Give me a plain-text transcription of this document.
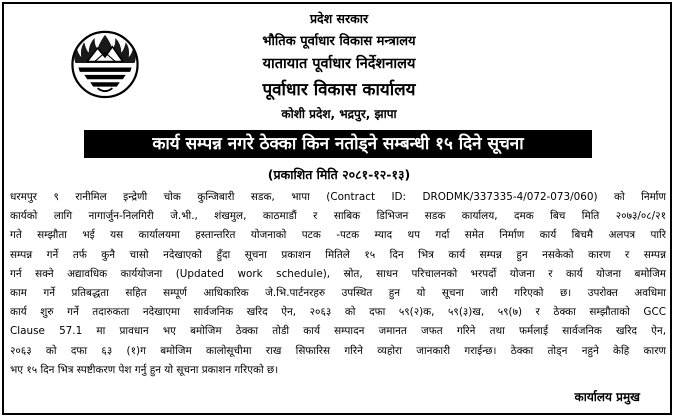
प्रदेश सरकार
भौतिक पूर्वाधार विकास मन्त्रालय
यातायात पूर्वाधार निर्देशनालय
पूर्वाधार विकास कार्यालय
कोशी प्रदेश, भद्रपुर, झापा
कार्य सम्पन्न नगरे ठेक्का किन नतोड्ने सम्बन्धी १५ दिने सूचना
(प्रकाशित मिति २०८१-१२-१३)
धरमपुर ९ रानीमिल इन्द्रेणी चोक कुन्जिबारी सडक, भापा (Contract ID: DRODMK/337335-4/072-073/060) को निर्माण
कार्यको लागि नागार्जुन-निलगिरी जे.भी., शंखमुल, काठमाडौं र साबिक डिभिजन सडक कार्यालय, दमक बिच मिति २०७३/०८/२१
गते सम्झौता भई यस कार्यालयमा हस्तान्तरित योजनाको पटक -पटक म्याद थप गर्दा समेत निर्माण कार्य बिचमै अलपत्र पारि
सम्पन्न गर्ने तर्फ कुनै चासो नदेखाएको हुँदा सूचना प्रकाशन मितिले १५ दिन भित्र कार्य सम्पन्न हुन नसकेको कारण र सम्पन्न
गर्न सक्ने अद्यावधिक कार्ययोजना (Updated work schedule), स्रोत, साधन परिचालनको भरपर्दो योजना र कार्य योजना बमोजिम
काम गर्ने प्रतिबद्धता सहित सम्पूर्ण आधिकारिक जे.भि.पार्टनरहरु उपस्थित हुन यो सूचना जारी गरिएको छ। उपरोक्त अवधिमा
कार्य शुरु गर्ने तदारुकता नदेखाएमा सार्वजनिक खरिद ऐन, २०६३ को दफा ५९(२)क, ५९(३)ख, ५९(७) र ठेक्का सम्झौताको GCC
Clause 57.1 मा प्रावधान भए बमोजिम ठेक्का तोडी कार्य सम्पादन जमानत जफत गरिने तथा फर्मलाई सार्वजनिक खरिद ऐन,
२०६३ को दफा ६३ (१)ग बमोजिम कालोसूचीमा राख सिफारिस गरिने व्यहोरा जानकारी गराईन्छ। ठेक्का तोड्न नहुने केहि कारण
भए १५ दिन भित्र स्पष्टीकरण पेश गर्नु हुन यो सूचना प्रकाशन गरिएको छ।
कार्यालय प्रमुख
